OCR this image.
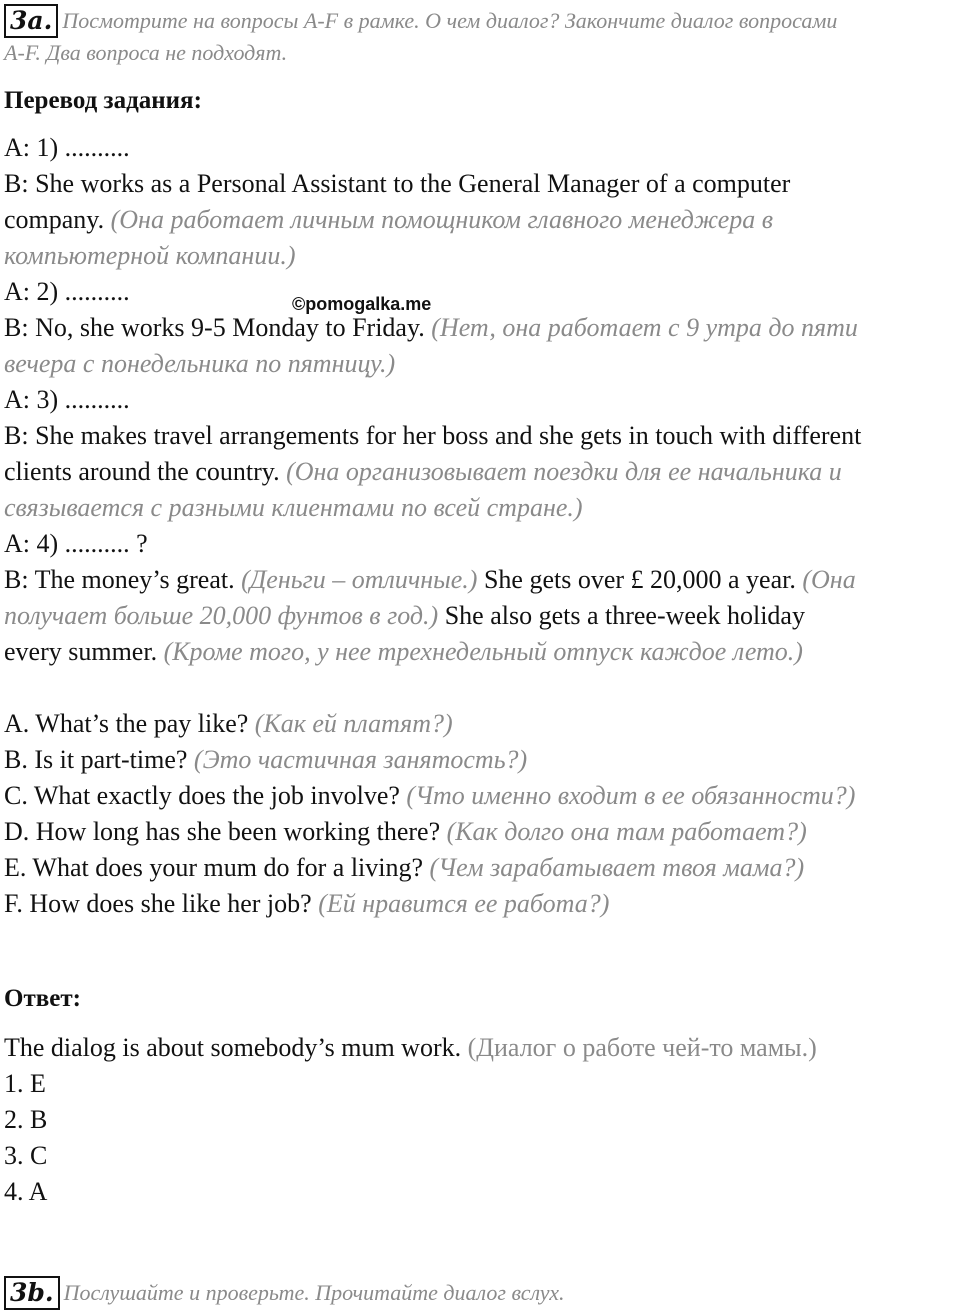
3a. Посмотрите на вопросы A-F в рамке. О чем диалог? Закончите диалог вопросами
A-F. Два вопроса не подходят.
Перевод задания:
A: 1) ..........
B: She works as a Personal Assistant to the General Manager of a computer
company. (Она работает личным помощником главного менеджера в
компьютерной компании.)
A: 2) ..........
B: No, she works 9-5 Monday to Friday. (Нет, она работает с 9 утра до пяти
вечера с понедельника по пятницу.)
A: 3) ..........
B: She makes travel arrangements for her boss and she gets in touch with different
clients around the country. (Она организовывает поездки для ее начальника и
связывается с разными клиентами по всей стране.)
A: 4) .......... ?
B: The money’s great. (Деньги – отличные.) She gets over £ 20,000 a year. (Она
получает больше 20,000 фунтов в год.) She also gets a three-week holiday
every summer. (Кроме того, у нее трехнедельный отпуск каждое лето.)
A. What’s the pay like? (Как ей платят?)
B. Is it part-time? (Это частичная занятость?)
C. What exactly does the job involve? (Что именно входит в ее обязанности?)
D. How long has she been working there? (Как долго она там работает?)
E. What does your mum do for a living? (Чем зарабатывает твоя мама?)
F. How does she like her job? (Ей нравится ее работа?)
Ответ:
The dialog is about somebody’s mum work. (Диалог о работе чей-то мамы.)
1. E
2. B
3. C
4. A
3b. Послушайте и проверьте. Прочитайте диалог вслух.
©pomogalka.me
